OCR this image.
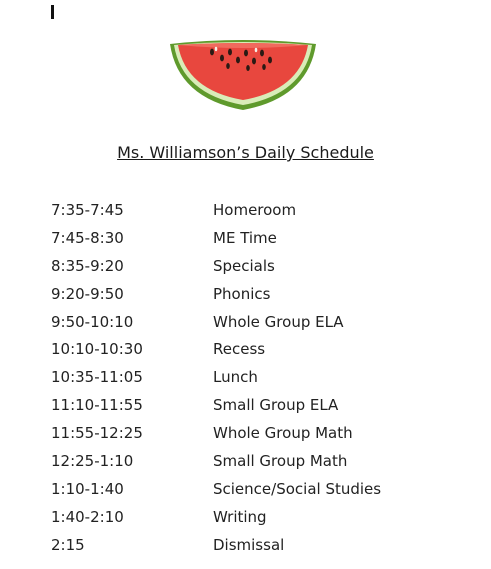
Ms. Williamson’s Daily Schedule
7:35-7:45	Homeroom
7:45-8:30	ME Time
8:35-9:20	Specials
9:20-9:50	Phonics
9:50-10:10	Whole Group ELA
10:10-10:30	Recess
10:35-11:05	Lunch
11:10-11:55	Small Group ELA
11:55-12:25	Whole Group Math
12:25-1:10	Small Group Math
1:10-1:40	Science/Social Studies
1:40-2:10	Writing
2:15	Dismissal
